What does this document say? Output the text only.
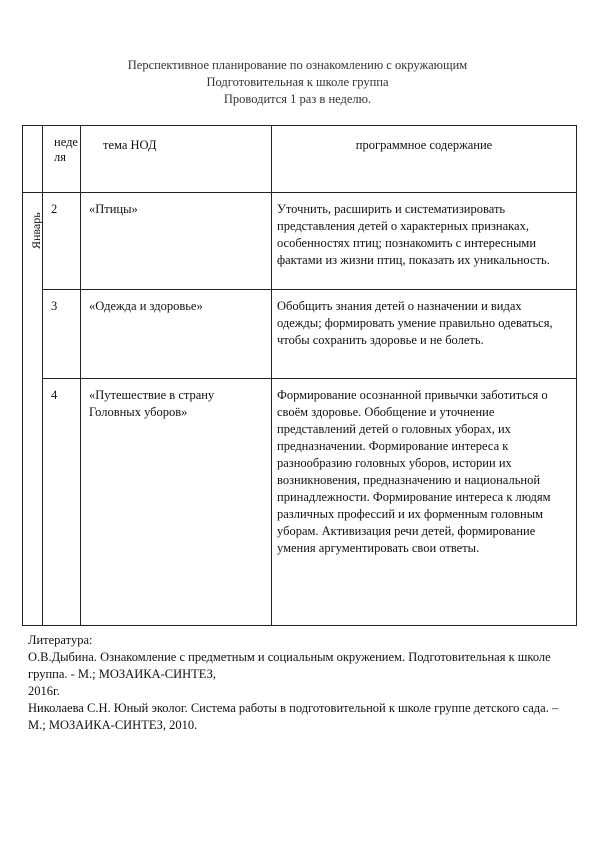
Перспективное планирование по ознакомлению с окружающим
Подготовительная к школе группа
Проводится 1 раз в неделю.
	неде ля	тема НОД	программное содержание

Январь	2	«Птицы»	Уточнить, расширить и систематизировать представления детей о характерных признаках, особенностях птиц; познакомить с интересными фактами из жизни птиц, показать их уникальность.
	3	«Одежда и здоровье»	Обобщить знания детей о назначении и видах одежды; формировать умение правильно одеваться, чтобы сохранить здоровье и не болеть.
	4	«Путешествие в страну Головных уборов»	Формирование осознанной привычки заботиться о своём здоровье. Обобщение и уточнение представлений детей о головных уборах, их предназначении. Формирование интереса к разнообразию головных уборов, истории их возникновения, предназначению и национальной принадлежности. Формирование интереса к людям различных профессий и их форменным головным уборам. Активизация речи детей, формирование умения аргументировать свои ответы.
Литература:
О.В.Дыбина. Ознакомление с предметным и социальным окружением. Подготовительная к школе группа. - М.; МОЗАИКА-СИНТЕЗ,
2016г.
Николаева С.Н. Юный эколог. Система работы в подготовительной к школе группе детского сада. – М.; МОЗАИКА-СИНТЕЗ, 2010.
